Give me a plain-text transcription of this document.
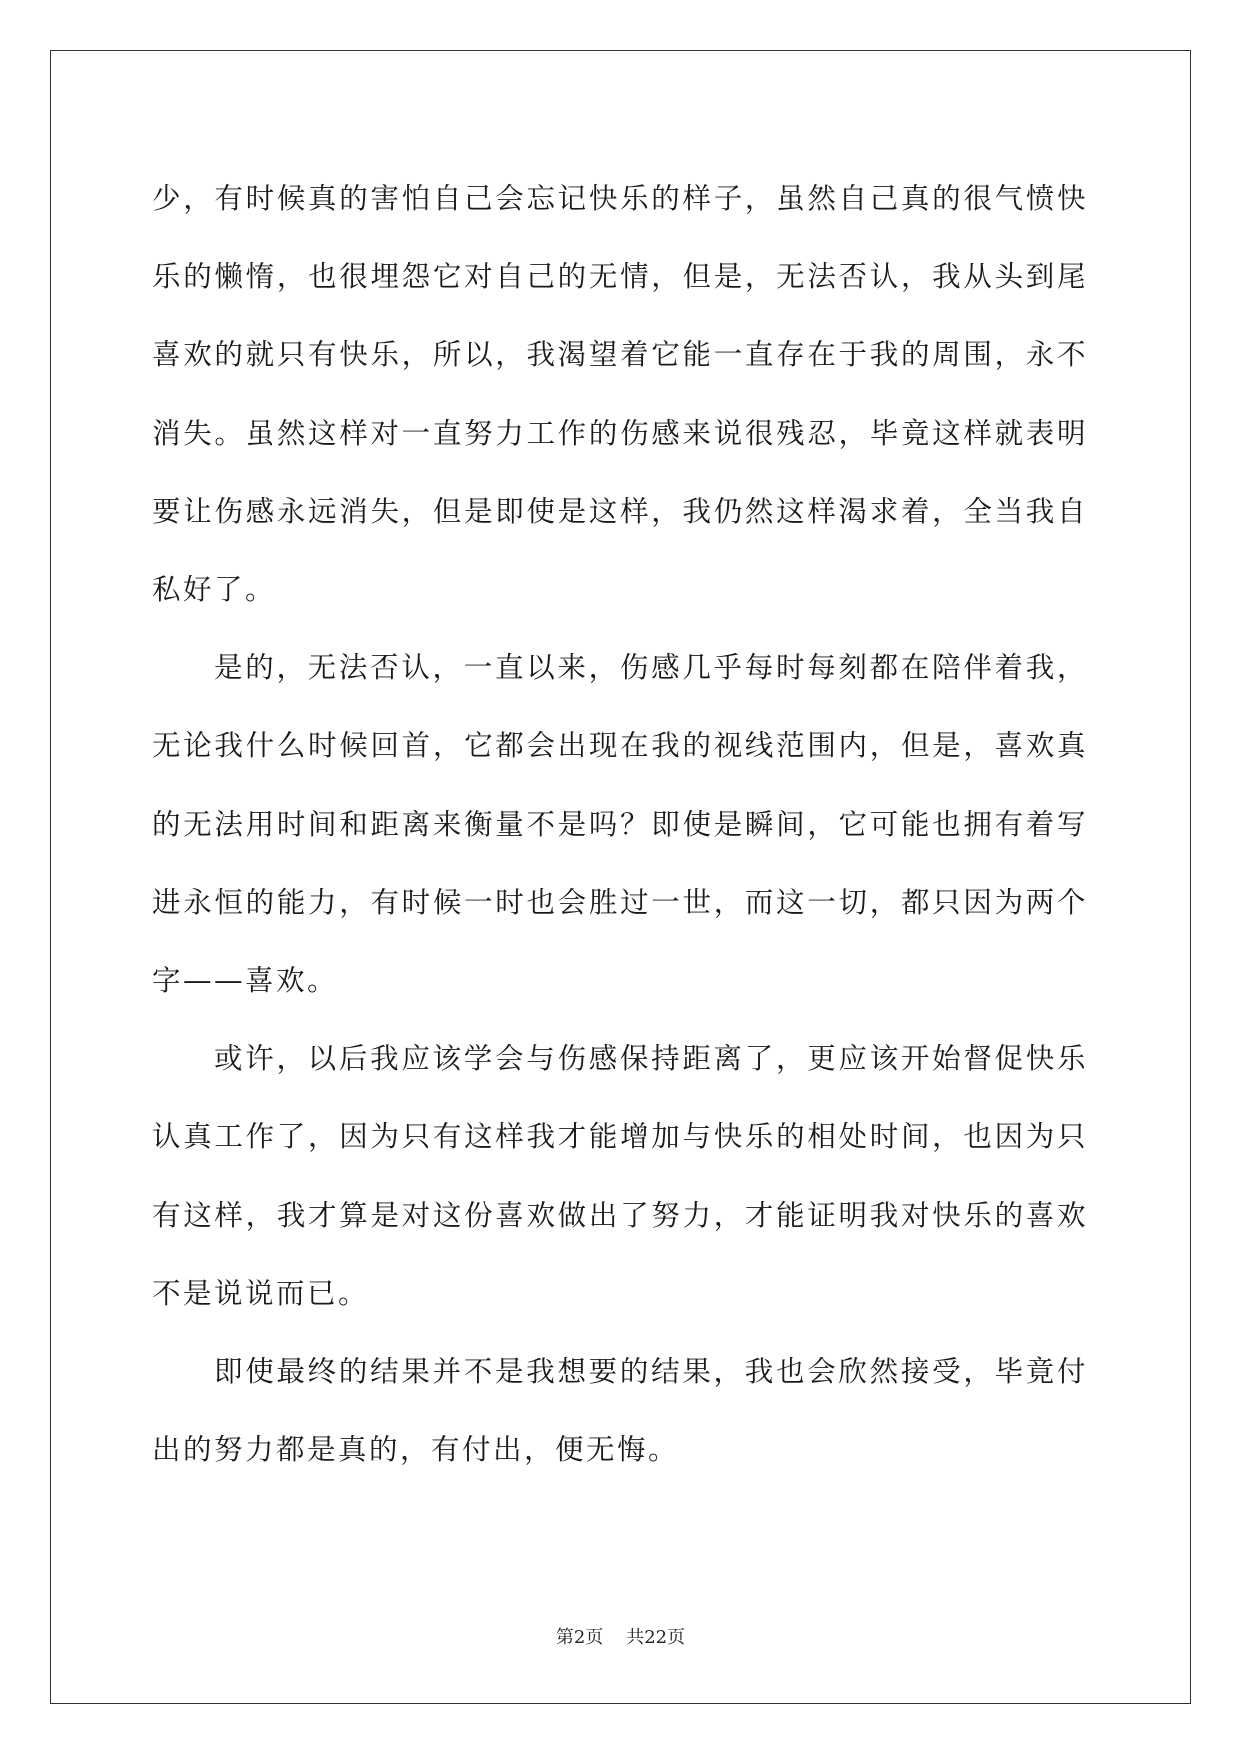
少，有时候真的害怕自己会忘记快乐的样子，虽然自己真的很气愤快乐的懒惰，也很埋怨它对自己的无情，但是，无法否认，我从头到尾喜欢的就只有快乐，所以，我渴望着它能一直存在于我的周围，永不消失。虽然这样对一直努力工作的伤感来说很残忍，毕竟这样就表明要让伤感永远消失，但是即使是这样，我仍然这样渴求着，全当我自私好了。

是的，无法否认，一直以来，伤感几乎每时每刻都在陪伴着我，无论我什么时候回首，它都会出现在我的视线范围内，但是，喜欢真的无法用时间和距离来衡量不是吗？即使是瞬间，它可能也拥有着写进永恒的能力，有时候一时也会胜过一世，而这一切，都只因为两个字——喜欢。

或许，以后我应该学会与伤感保持距离了，更应该开始督促快乐认真工作了，因为只有这样我才能增加与快乐的相处时间，也因为只有这样，我才算是对这份喜欢做出了努力，才能证明我对快乐的喜欢不是说说而已。

即使最终的结果并不是我想要的结果，我也会欣然接受，毕竟付出的努力都是真的，有付出，便无悔。

第2页 共22页
